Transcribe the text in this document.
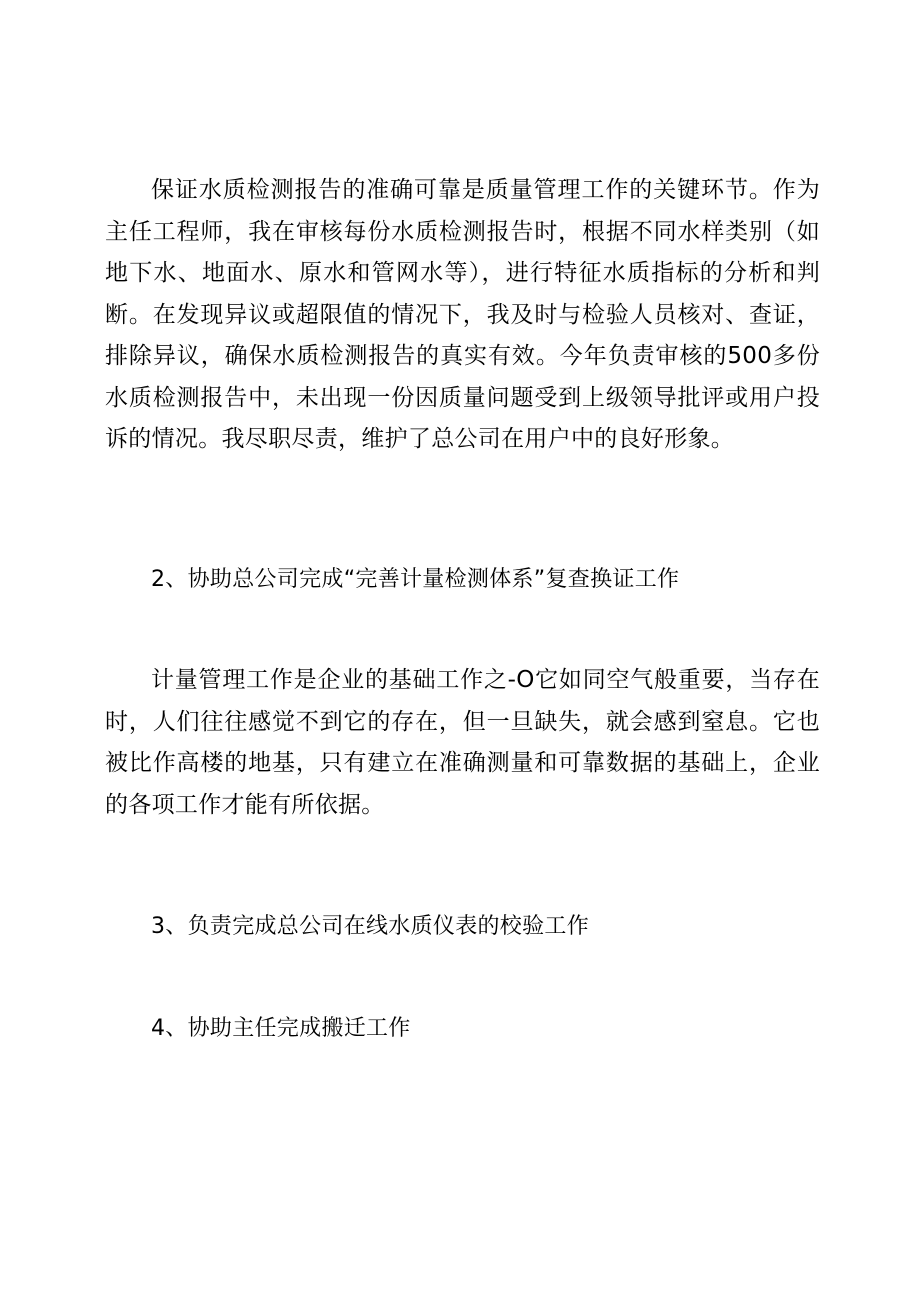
保证水质检测报告的准确可靠是质量管理工作的关键环节。作为主任工程师，我在审核每份水质检测报告时，根据不同水样类别（如地下水、地面水、原水和管网水等），进行特征水质指标的分析和判断。在发现异议或超限值的情况下，我及时与检验人员核对、查证，排除异议，确保水质检测报告的真实有效。今年负责审核的500多份水质检测报告中，未出现一份因质量问题受到上级领导批评或用户投诉的情况。我尽职尽责，维护了总公司在用户中的良好形象。

2、协助总公司完成“完善计量检测体系”复查换证工作

计量管理工作是企业的基础工作之-O它如同空气般重要，当存在时，人们往往感觉不到它的存在，但一旦缺失，就会感到窒息。它也被比作高楼的地基，只有建立在准确测量和可靠数据的基础上，企业的各项工作才能有所依据。

3、负责完成总公司在线水质仪表的校验工作

4、协助主任完成搬迁工作
